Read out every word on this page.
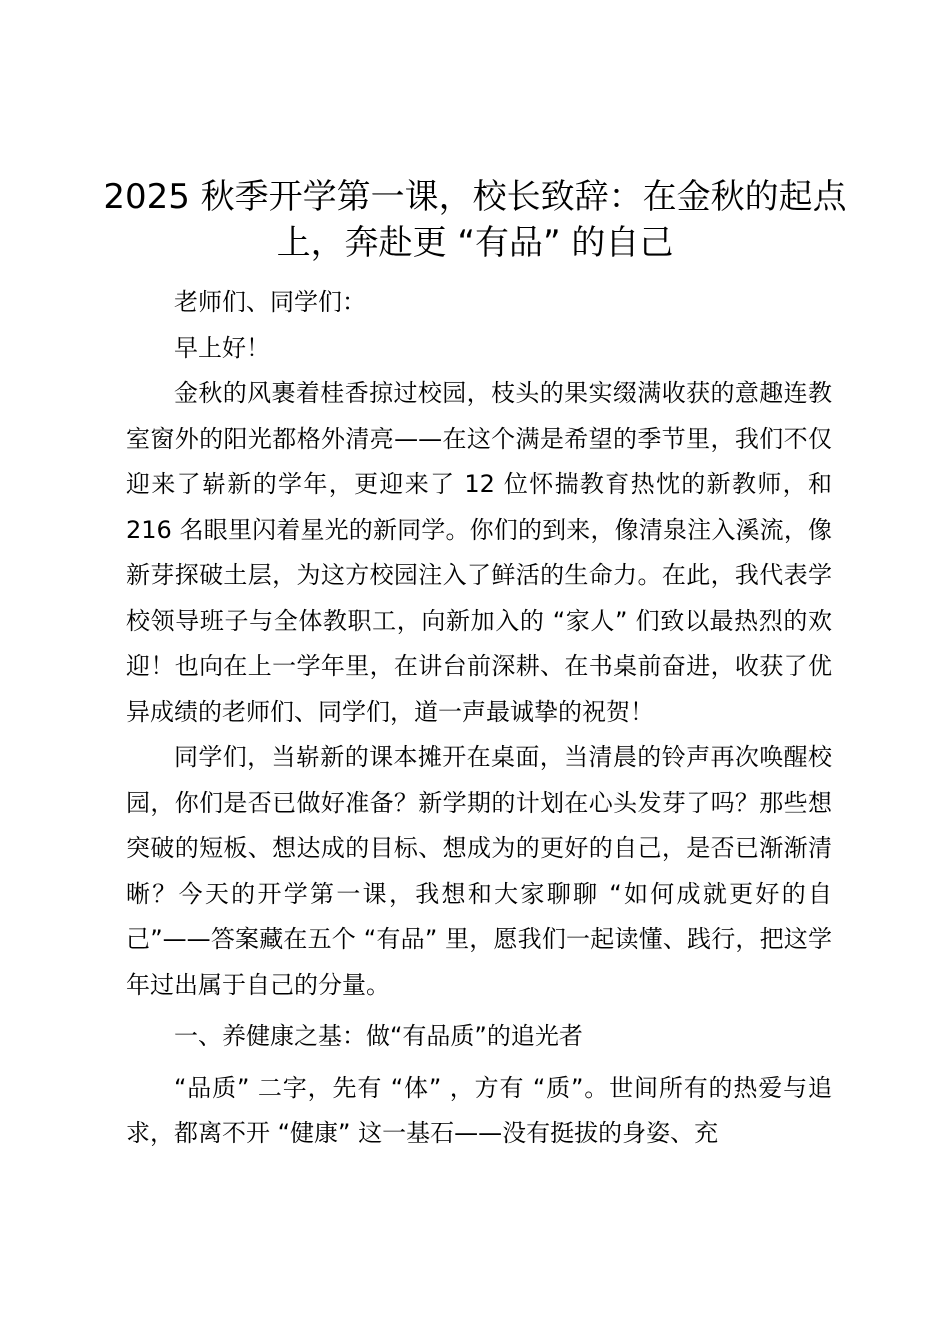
2025 秋季开学第一课，校长致辞：在金秋的起点上，奔赴更 “有品” 的自己

老师们、同学们：

早上好！

金秋的风裹着桂香掠过校园，枝头的果实缀满收获的意趣连教室窗外的阳光都格外清亮——在这个满是希望的季节里，我们不仅迎来了崭新的学年，更迎来了 12 位怀揣教育热忱的新教师，和 216 名眼里闪着星光的新同学。你们的到来，像清泉注入溪流，像新芽探破土层，为这方校园注入了鲜活的生命力。在此，我代表学校领导班子与全体教职工，向新加入的 “家人” 们致以最热烈的欢迎！也向在上一学年里，在讲台前深耕、在书桌前奋进，收获了优异成绩的老师们、同学们，道一声最诚挚的祝贺！

同学们，当崭新的课本摊开在桌面，当清晨的铃声再次唤醒校园，你们是否已做好准备？新学期的计划在心头发芽了吗？那些想突破的短板、想达成的目标、想成为的更好的自己，是否已渐渐清晰？今天的开学第一课，我想和大家聊聊 “如何成就更好的自己”——答案藏在五个 “有品” 里，愿我们一起读懂、践行，把这学年过出属于自己的分量。

一、养健康之基：做“有品质”的追光者

“品质” 二字，先有 “体” ，方有 “质”。世间所有的热爱与追求，都离不开 “健康” 这一基石——没有挺拔的身姿、充
